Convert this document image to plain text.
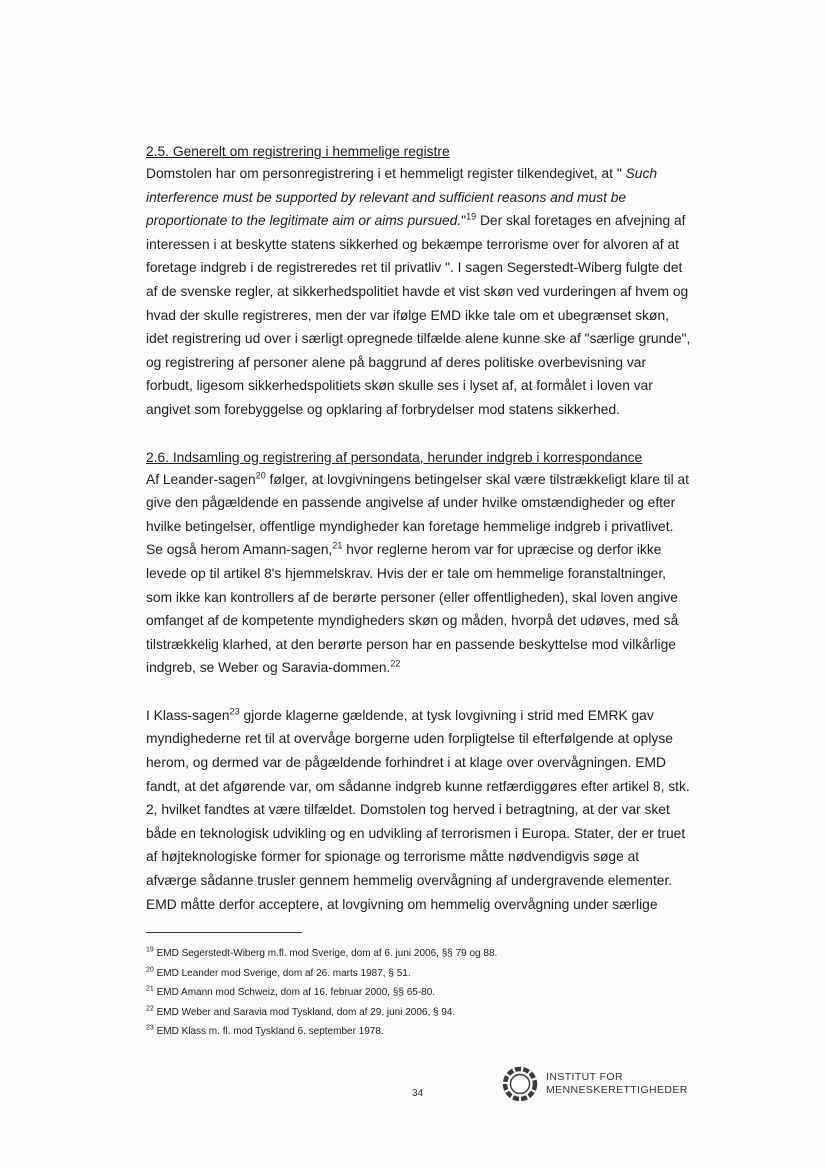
2.5. Generelt om registrering i hemmelige registre

Domstolen har om personregistrering i et hemmeligt register tilkendegivet, at " Such interference must be supported by relevant and sufficient reasons and must be proportionate to the legitimate aim or aims pursued."$^{19}$ Der skal foretages en afvejning af interessen i at beskytte statens sikkerhed og bekæmpe terrorisme over for alvoren af at foretage indgreb i de registreredes ret til privatliv ". I sagen Segerstedt-Wiberg fulgte det af de svenske regler, at sikkerhedspolitiet havde et vist skøn ved vurderingen af hvem og hvad der skulle registreres, men der var ifølge EMD ikke tale om et ubegrænset skøn, idet registrering ud over i særligt opregnede tilfælde alene kunne ske af "særlige grunde", og registrering af personer alene på baggrund af deres politiske overbevisning var forbudt, ligesom sikkerhedspolitiets skøn skulle ses i lyset af, at formålet i loven var angivet som forebyggelse og opklaring af forbrydelser mod statens sikkerhed.

2.6. Indsamling og registrering af persondata, herunder indgreb i korrespondance

Af Leander-sagen$^{20}$ følger, at lovgivningens betingelser skal være tilstrækkeligt klare til at give den pågældende en passende angivelse af under hvilke omstændigheder og efter hvilke betingelser, offentlige myndigheder kan foretage hemmelige indgreb i privatlivet. Se også herom Amann-sagen,$^{21}$ hvor reglerne herom var for upræcise og derfor ikke levede op til artikel 8's hjemmelskrav. Hvis der er tale om hemmelige foranstaltninger, som ikke kan kontrollers af de berørte personer (eller offentligheden), skal loven angive omfanget af de kompetente myndigheders skøn og måden, hvorpå det udøves, med så tilstrækkelig klarhed, at den berørte person har en passende beskyttelse mod vilkårlige indgreb, se Weber og Saravia-dommen.$^{22}$

I Klass-sagen$^{23}$ gjorde klagerne gældende, at tysk lovgivning i strid med EMRK gav myndighederne ret til at overvåge borgerne uden forpligtelse til efterfølgende at oplyse herom, og dermed var de pågældende forhindret i at klage over overvågningen. EMD fandt, at det afgørende var, om sådanne indgreb kunne retfærdiggøres efter artikel 8, stk. 2, hvilket fandtes at være tilfældet. Domstolen tog herved i betragtning, at der var sket både en teknologisk udvikling og en udvikling af terrorismen i Europa. Stater, der er truet af højteknologiske former for spionage og terrorisme måtte nødvendigvis søge at afværge sådanne trusler gennem hemmelig overvågning af undergravende elementer. EMD måtte derfor acceptere, at lovgivning om hemmelig overvågning under særlige

$^{19}$ EMD Segerstedt-Wiberg m.fl. mod Sverige, dom af 6. juni 2006, §§ 79 og 88.
$^{20}$ EMD Leander mod Sverige, dom af 26. marts 1987, § 51.
$^{21}$ EMD Amann mod Schweiz, dom af 16. februar 2000, §§ 65-80.
$^{22}$ EMD Weber and Saravia mod Tyskland, dom af 29. juni 2006, § 94.
$^{23}$ EMD Klass m. fl. mod Tyskland 6. september 1978.
34
INSTITUT FOR
MENNESKERETTIGHEDER
